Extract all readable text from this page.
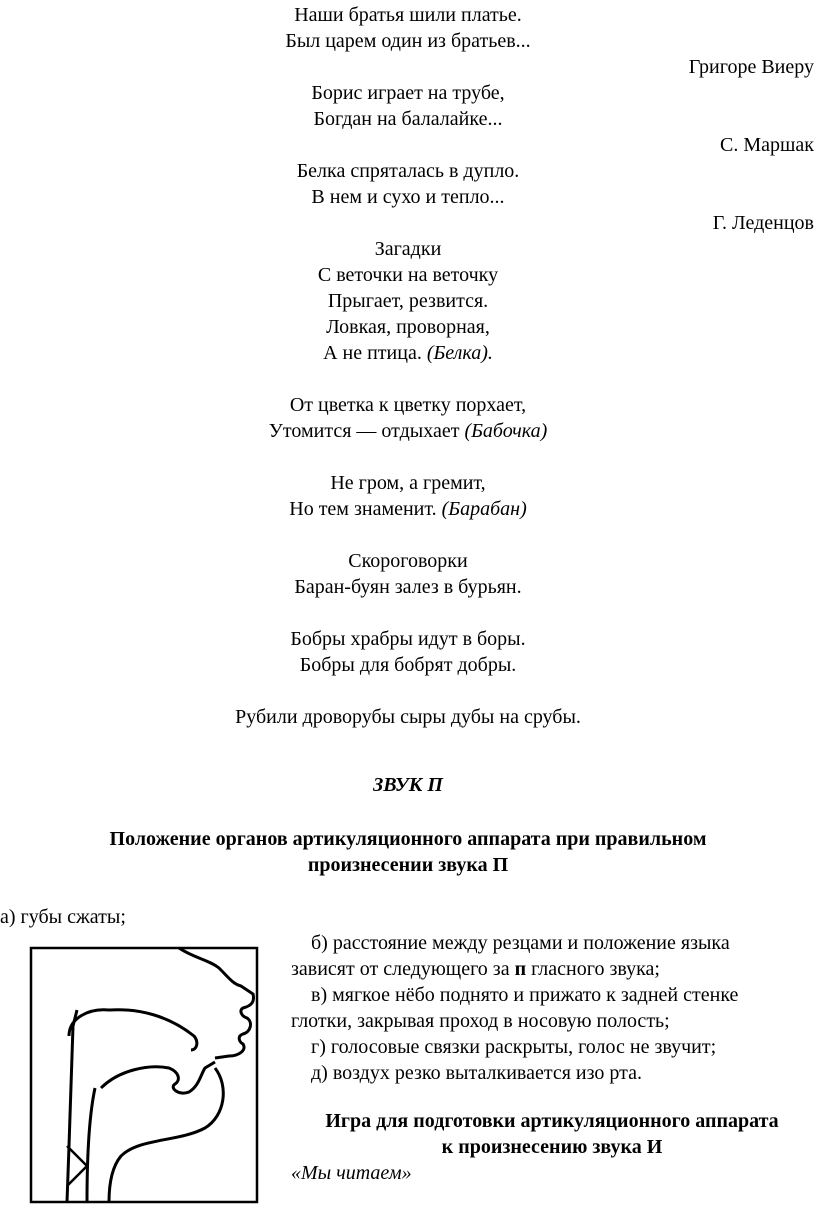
Наши братья шили платье.
Был царем один из братьев...
Григоре Виеру
Борис играет на трубе,
Богдан на балалайке...
С. Маршак
Белка спряталась в дупло.
В нем и сухо и тепло...
Г. Леденцов
Загадки
С веточки на веточку
Прыгает, резвится.
Ловкая, проворная,
А не птица. (Белка).
От цветка к цветку порхает,
Утомится — отдыхает (Бабочка)
Не гром, а гремит,
Но тем знаменит. (Барабан)
Скороговорки
Баран-буян залез в бурьян.
Бобры храбры идут в боры.
Бобры для бобрят добры.
Рубили дроворубы сыры дубы на срубы.
ЗВУК П
Положение органов артикуляционного аппарата при правильном
произнесении звука П
а) губы сжаты;
б) расстояние между резцами и положение языка
зависят от следующего за п гласного звука;
в) мягкое нёбо поднято и прижато к задней стенке
глотки, закрывая проход в носовую полость;
г) голосовые связки раскрыты, голос не звучит;
д) воздух резко выталкивается изо рта.
Игра для подготовки артикуляционного аппарата
к произнесению звука И
«Мы читаем»
